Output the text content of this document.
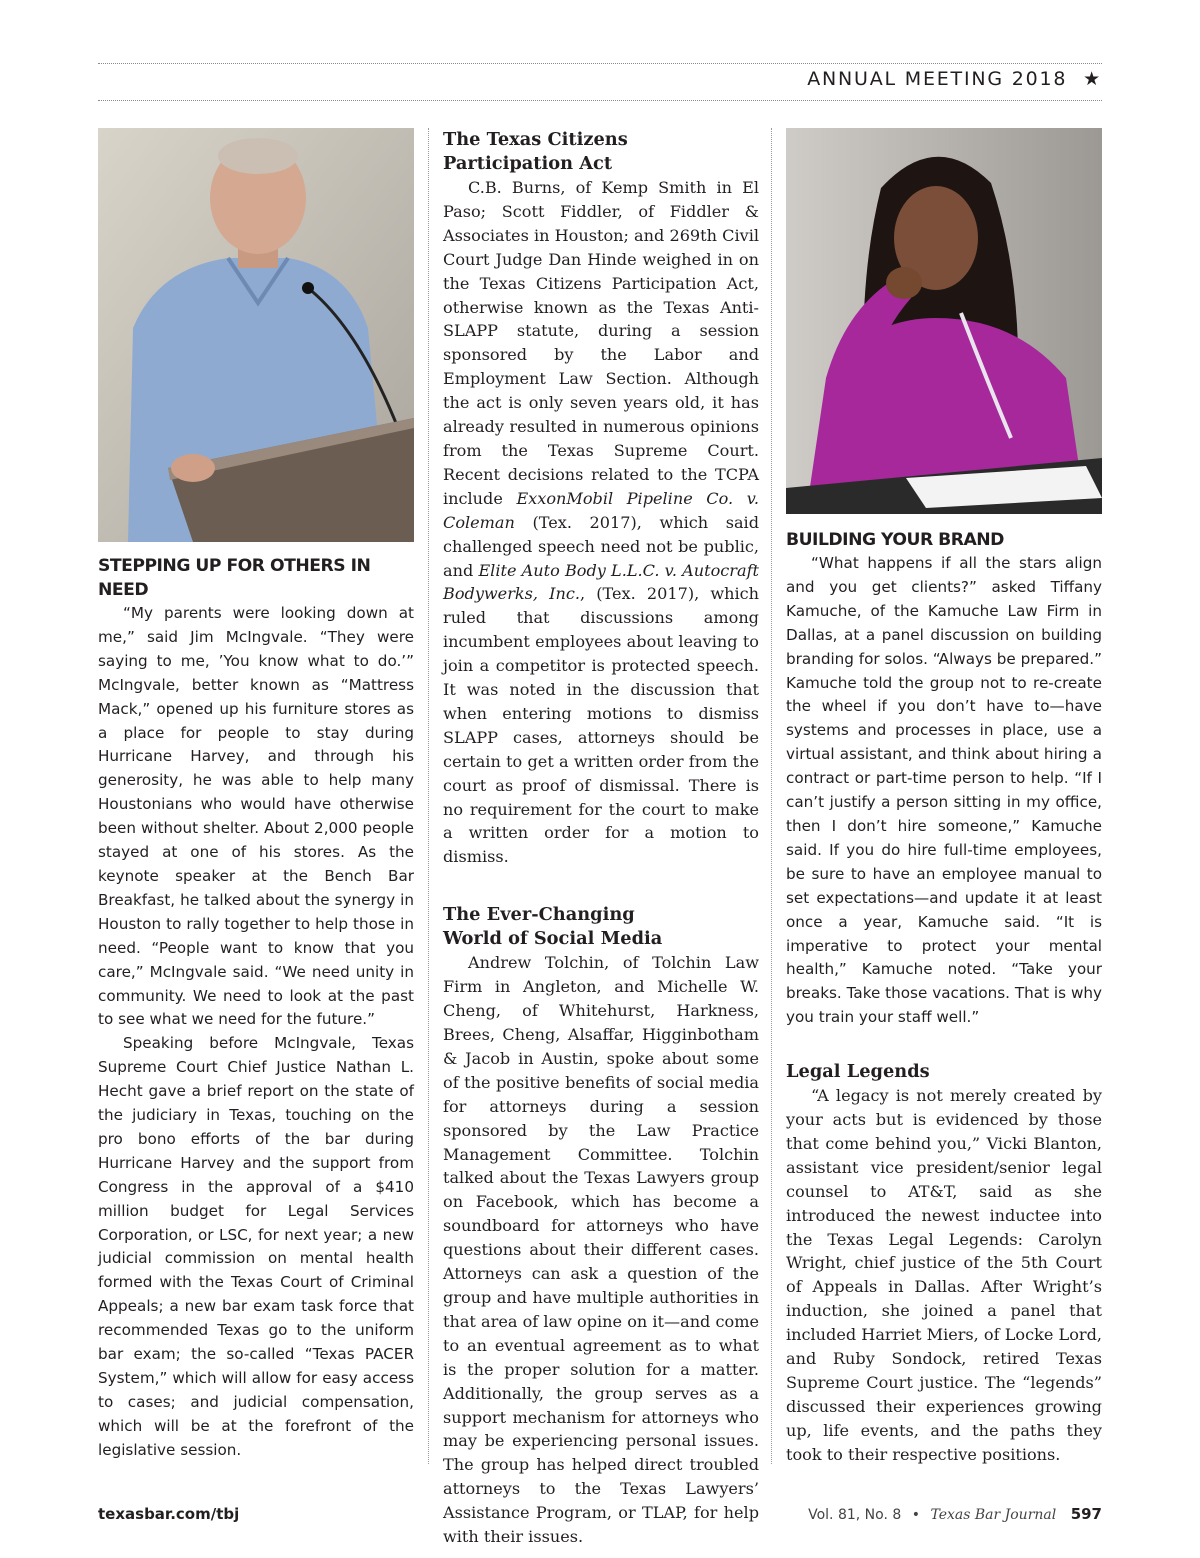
ANNUAL MEETING 2018 ★
STEPPING UP FOR OTHERS IN NEED

“My parents were looking down at me,” said Jim McIngvale. “They were saying to me, ’You know what to do.’” McIngvale, better known as “Mattress Mack,” opened up his furniture stores as a place for people to stay during Hurricane Harvey, and through his generosity, he was able to help many Houstonians who would have otherwise been without shelter. About 2,000 people stayed at one of his stores. As the keynote speaker at the Bench Bar Breakfast, he talked about the synergy in Houston to rally together to help those in need. “People want to know that you care,” McIngvale said. “We need unity in community. We need to look at the past to see what we need for the future.”

Speaking before McIngvale, Texas Supreme Court Chief Justice Nathan L. Hecht gave a brief report on the state of the judiciary in Texas, touching on the pro bono efforts of the bar during Hurricane Harvey and the support from Congress in the approval of a $410 million budget for Legal Services Corporation, or LSC, for next year; a new judicial commission on mental health formed with the Texas Court of Criminal Appeals; a new bar exam task force that recommended Texas go to the uniform bar exam; the so-called “Texas PACER System,” which will allow for easy access to cases; and judicial compensation, which will be at the forefront of the legislative session.

The Texas Citizens
Participation Act

C.B. Burns, of Kemp Smith in El Paso; Scott Fiddler, of Fiddler & Associates in Houston; and 269th Civil Court Judge Dan Hinde weighed in on the Texas Citizens Participation Act, otherwise known as the Texas Anti-SLAPP statute, during a session sponsored by the Labor and Employment Law Section. Although the act is only seven years old, it has already resulted in numerous opinions from the Texas Supreme Court. Recent decisions related to the TCPA include ExxonMobil Pipeline Co. v. Coleman (Tex. 2017), which said challenged speech need not be public, and Elite Auto Body L.L.C. v. Autocraft Bodywerks, Inc., (Tex. 2017), which ruled that discussions among incumbent employees about leaving to join a competitor is protected speech. It was noted in the discussion that when entering motions to dismiss SLAPP cases, attorneys should be certain to get a written order from the court as proof of dismissal. There is no requirement for the court to make a written order for a motion to dismiss.

The Ever-Changing
World of Social Media

Andrew Tolchin, of Tolchin Law Firm in Angleton, and Michelle W. Cheng, of Whitehurst, Harkness, Brees, Cheng, Alsaffar, Higginbotham & Jacob in Austin, spoke about some of the positive benefits of social media for attorneys during a session sponsored by the Law Practice Management Committee. Tolchin talked about the Texas Lawyers group on Facebook, which has become a soundboard for attorneys who have questions about their different cases. Attorneys can ask a question of the group and have multiple authorities in that area of law opine on it—and come to an eventual agreement as to what is the proper solution for a matter. Additionally, the group serves as a support mechanism for attorneys who may be experiencing personal issues. The group has helped direct troubled attorneys to the Texas Lawyers’ Assistance Program, or TLAP, for help with their issues.

BUILDING YOUR BRAND

“What happens if all the stars align and you get clients?” asked Tiffany Kamuche, of the Kamuche Law Firm in Dallas, at a panel discussion on building branding for solos. “Always be prepared.” Kamuche told the group not to re-create the wheel if you don’t have to—have systems and processes in place, use a virtual assistant, and think about hiring a contract or part-time person to help. “If I can’t justify a person sitting in my office, then I don’t hire someone,” Kamuche said. If you do hire full-time employees, be sure to have an employee manual to set expectations—and update it at least once a year, Kamuche said. “It is imperative to protect your mental health,” Kamuche noted. “Take your breaks. Take those vacations. That is why you train your staff well.”

Legal Legends

“A legacy is not merely created by your acts but is evidenced by those that come behind you,” Vicki Blanton, assistant vice president/senior legal counsel to AT&T, said as she introduced the newest inductee into the Texas Legal Legends: Carolyn Wright, chief justice of the 5th Court of Appeals in Dallas. After Wright’s induction, she joined a panel that included Harriet Miers, of Locke Lord, and Ruby Sondock, retired Texas Supreme Court justice. The “legends” discussed their experiences growing up, life events, and the paths they took to their respective positions.

texasbar.com/tbj	Vol. 81, No. 8 • Texas Bar Journal 597
